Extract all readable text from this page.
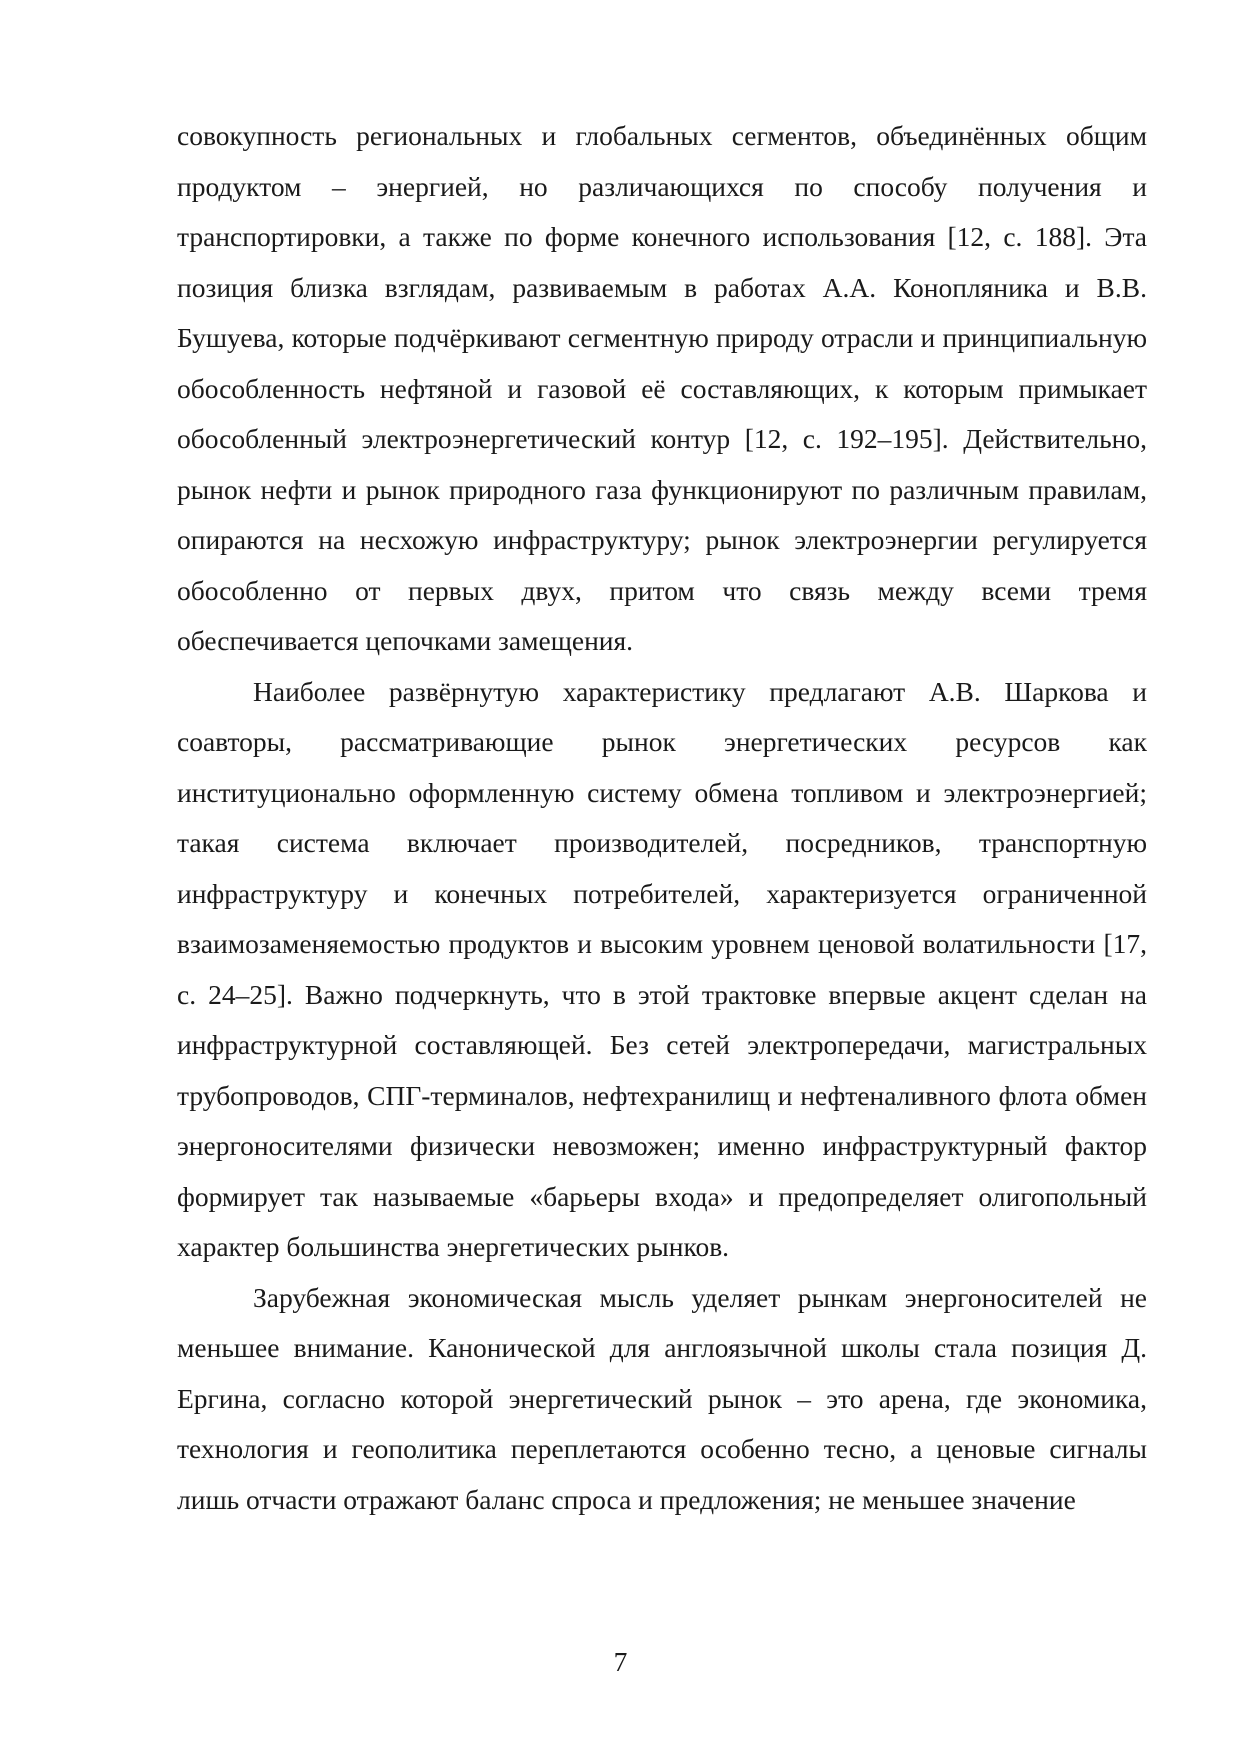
совокупность региональных и глобальных сегментов, объединённых общим продуктом – энергией, но различающихся по способу получения и транспортировки, а также по форме конечного использования [12, с. 188]. Эта позиция близка взглядам, развиваемым в работах А.А. Конопляника и В.В. Бушуева, которые подчёркивают сегментную природу отрасли и принципиальную обособленность нефтяной и газовой её составляющих, к которым примыкает обособленный электроэнергетический контур [12, с. 192–195]. Действительно, рынок нефти и рынок природного газа функционируют по различным правилам, опираются на несхожую инфраструктуру; рынок электроэнергии регулируется обособленно от первых двух, притом что связь между всеми тремя обеспечивается цепочками замещения.

Наиболее развёрнутую характеристику предлагают А.В. Шаркова и соавторы, рассматривающие рынок энергетических ресурсов как институционально оформленную систему обмена топливом и электроэнергией; такая система включает производителей, посредников, транспортную инфраструктуру и конечных потребителей, характеризуется ограниченной взаимозаменяемостью продуктов и высоким уровнем ценовой волатильности [17, с. 24–25]. Важно подчеркнуть, что в этой трактовке впервые акцент сделан на инфраструктурной составляющей. Без сетей электропередачи, магистральных трубопроводов, СПГ-терминалов, нефтехранилищ и нефтеналивного флота обмен энергоносителями физически невозможен; именно инфраструктурный фактор формирует так называемые «барьеры входа» и предопределяет олигопольный характер большинства энергетических рынков.

Зарубежная экономическая мысль уделяет рынкам энергоносителей не меньшее внимание. Канонической для англоязычной школы стала позиция Д. Ергина, согласно которой энергетический рынок – это арена, где экономика, технология и геополитика переплетаются особенно тесно, а ценовые сигналы лишь отчасти отражают баланс спроса и предложения; не меньшее значение

7
